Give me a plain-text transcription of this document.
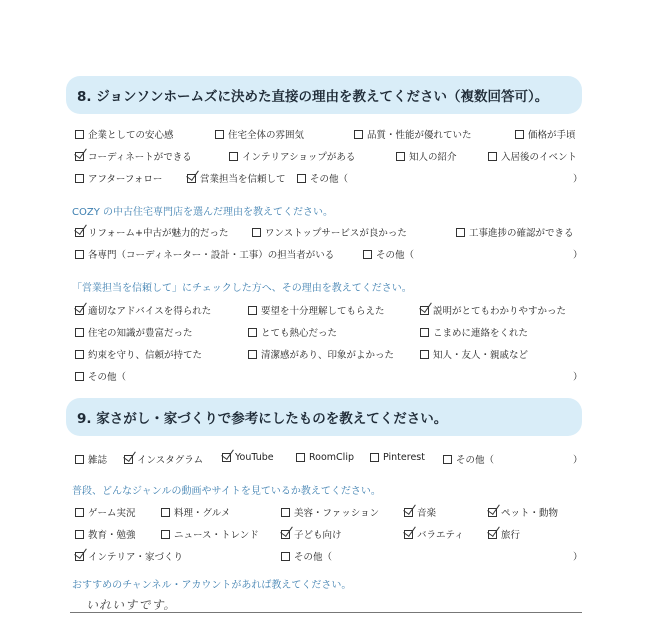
8. ジョンソンホームズに決めた直接の理由を教えてください（複数回答可）。
企業としての安心感	住宅全体の雰囲気	品質・性能が優れていた	価格が手頃
コーディネートができる	インテリアショップがある	知人の紹介	入居後のイベント
アフターフォロー	営業担当を信頼して	その他（	）
COZY の中古住宅専門店を選んだ理由を教えてください。
リフォーム+中古が魅力的だった	ワンストップサービスが良かった	工事進捗の確認ができる
各専門（コーディネーター・設計・工事）の担当者がいる	その他（	）
「営業担当を信頼して」にチェックした方へ、その理由を教えてください。
適切なアドバイスを得られた	要望を十分理解してもらえた	説明がとてもわかりやすかった
住宅の知識が豊富だった	とても熱心だった	こまめに連絡をくれた
約束を守り、信頼が持てた	清潔感があり、印象がよかった	知人・友人・親戚など
その他（	）
9. 家さがし・家づくりで参考にしたものを教えてください。
雑誌	インスタグラム	YouTube	RoomClip	Pinterest	その他（	）
普段、どんなジャンルの動画やサイトを見ているか教えてください。
ゲーム実況	料理・グルメ	美容・ファッション	音楽	ペット・動物
教育・勉強	ニュース・トレンド	子ども向け	バラエティ	旅行
インテリア・家づくり	その他（	）
おすすめのチャンネル・アカウントがあれば教えてください。
いれいすです。
